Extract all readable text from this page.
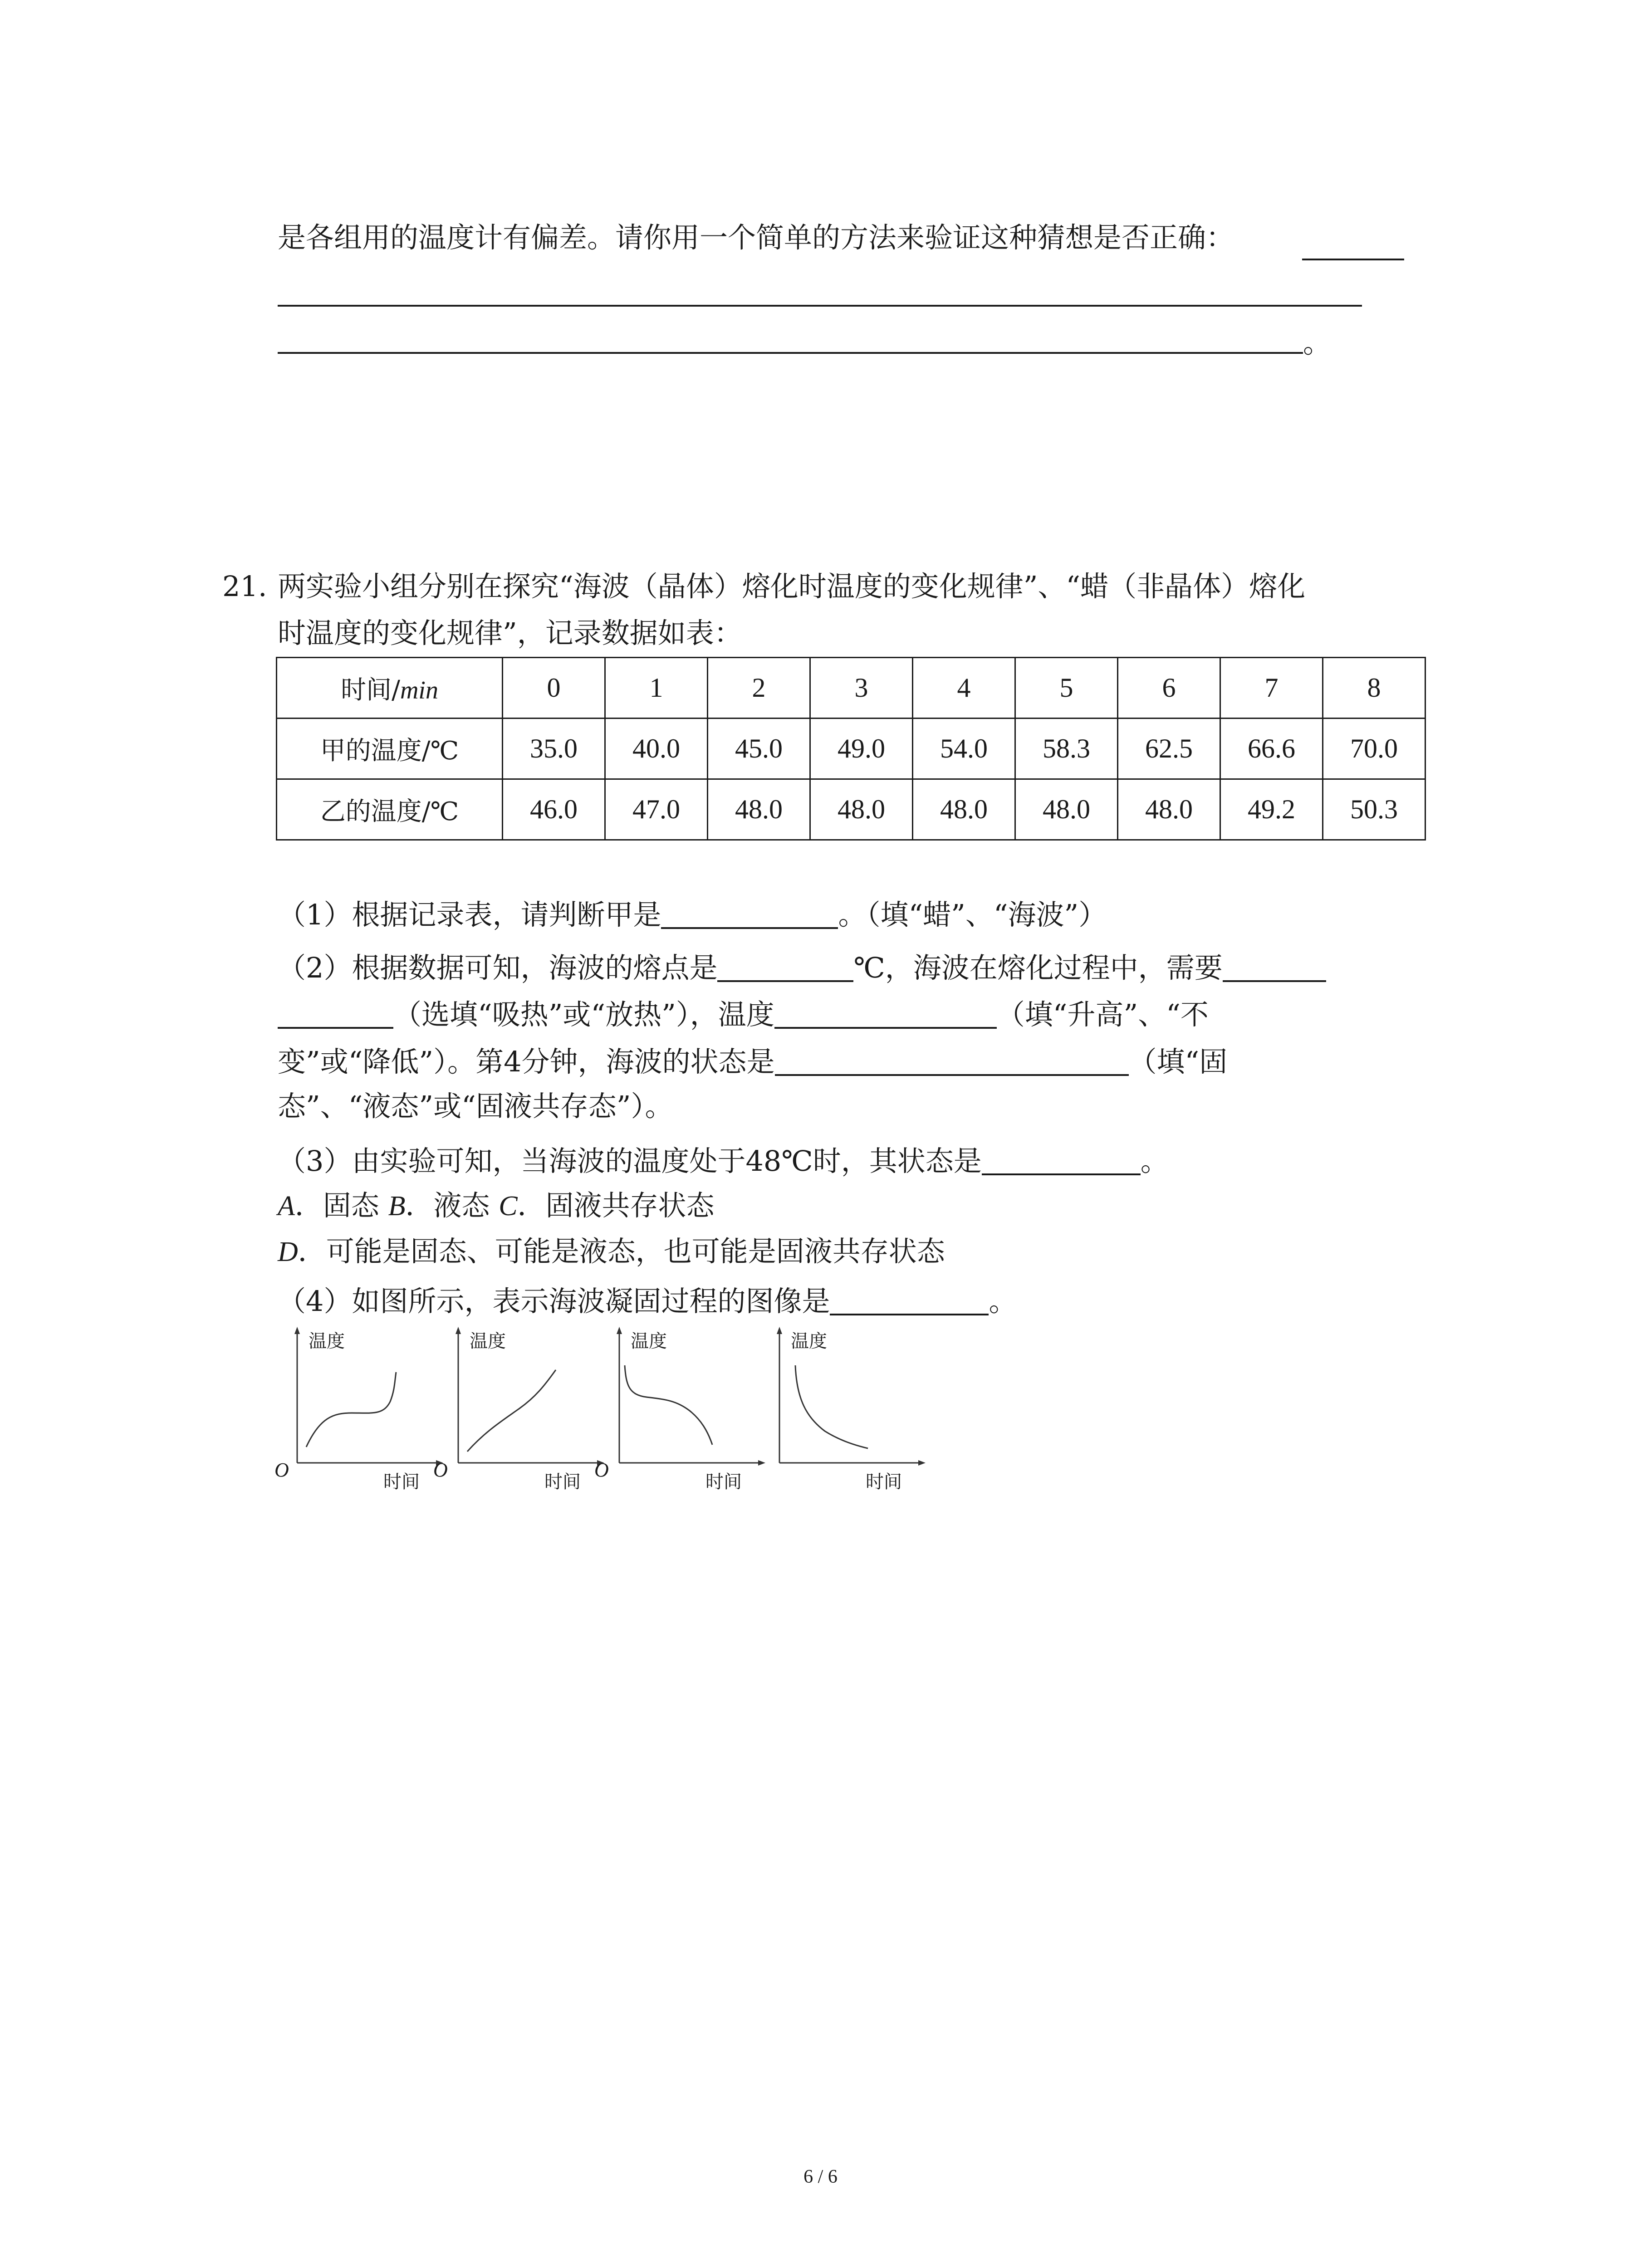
是各组用的温度计有偏差。请你用一个简单的方法来验证这种猜想是否正确：
。
21. 两实验小组分别在探究“海波（晶体）熔化时温度的变化规律”、“蜡（非晶体）熔化
时温度的变化规律”，记录数据如表：
时间/min	0	1	2	3	4	5	6	7	8
甲的温度/℃	35.0	40.0	45.0	49.0	54.0	58.3	62.5	66.6	70.0
乙的温度/℃	46.0	47.0	48.0	48.0	48.0	48.0	48.0	49.2	50.3
（1）根据记录表，请判断甲是	。（填“蜡”、“海波”）
（2）根据数据可知，海波的熔点是	℃，海波在熔化过程中，需要
（选填“吸热”或“放热”），温度	（填“升高”、“不
变”或“降低”）。第4分钟，海波的状态是	（填“固
态”、“液态”或“固液共存态”）。
（3）由实验可知，当海波的温度处于48℃时，其状态是	。
A．固态 B．液态 C．固液共存状态
D．可能是固态、可能是液态，也可能是固液共存状态
（4）如图所示，表示海波凝固过程的图像是	。
温度
时间
O
温度
时间
O
温度
时间
O
温度
时间
6 / 6
